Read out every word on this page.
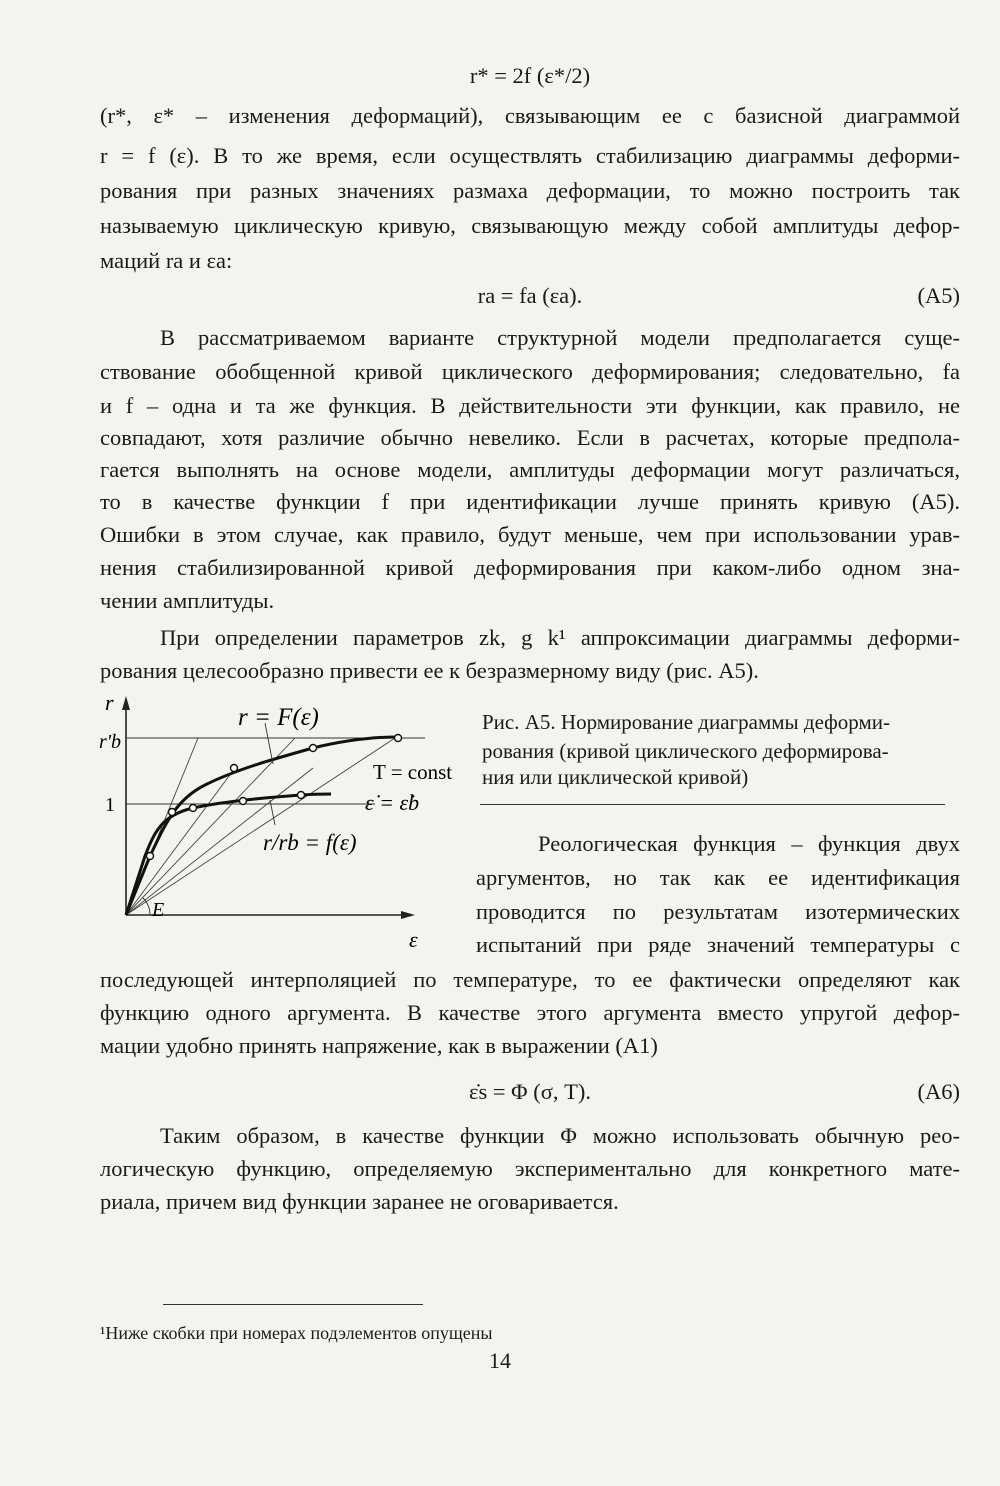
r* = 2f (ε*/2)
(r*, ε* – изменения деформаций), связывающим ее с базисной диаграммой
r = f (ε). В то же время, если осуществлять стабилизацию диаграммы деформи-
рования при разных значениях размаха деформации, то можно построить так
называемую циклическую кривую, связывающую между собой амплитуды дефор-
маций ra и εa:
ra = fa (εa).	(А5)
В рассматриваемом варианте структурной модели предполагается суще-
ствование обобщенной кривой циклического деформирования; следовательно, fa
и f – одна и та же функция. В действительности эти функции, как правило, не
совпадают, хотя различие обычно невелико. Если в расчетах, которые предпола-
гается выполнять на основе модели, амплитуды деформации могут различаться,
то в качестве функции f при идентификации лучше принять кривую (А5).
Ошибки в этом случае, как правило, будут меньше, чем при использовании урав-
нения стабилизированной кривой деформирования при каком-либо одном зна-
чении амплитуды.
При определении параметров zk, g k¹ аппроксимации диаграммы деформи-
рования целесообразно привести ее к безразмерному виду (рис. А5).
r
r'b
1
r = F(ε)
T = const
ε̇ = ε̇b
r/rb = f(ε)
E
ε
Рис. А5. Нормирование диаграммы деформи-
рования (кривой циклического деформирова-
ния или циклической кривой)
Реологическая функция – функция двух
аргументов, но так как ее идентификация
проводится по результатам изотермических
испытаний при ряде значений температуры с
последующей интерполяцией по температуре, то ее фактически определяют как
функцию одного аргумента. В качестве этого аргумента вместо упругой дефор-
мации удобно принять напряжение, как в выражении (А1)
ε̇s = Φ (σ, T).	(А6)
Таким образом, в качестве функции Φ можно использовать обычную рео-
логическую функцию, определяемую экспериментально для конкретного мате-
риала, причем вид функции заранее не оговаривается.
¹Ниже скобки при номерах подэлементов опущены
14
